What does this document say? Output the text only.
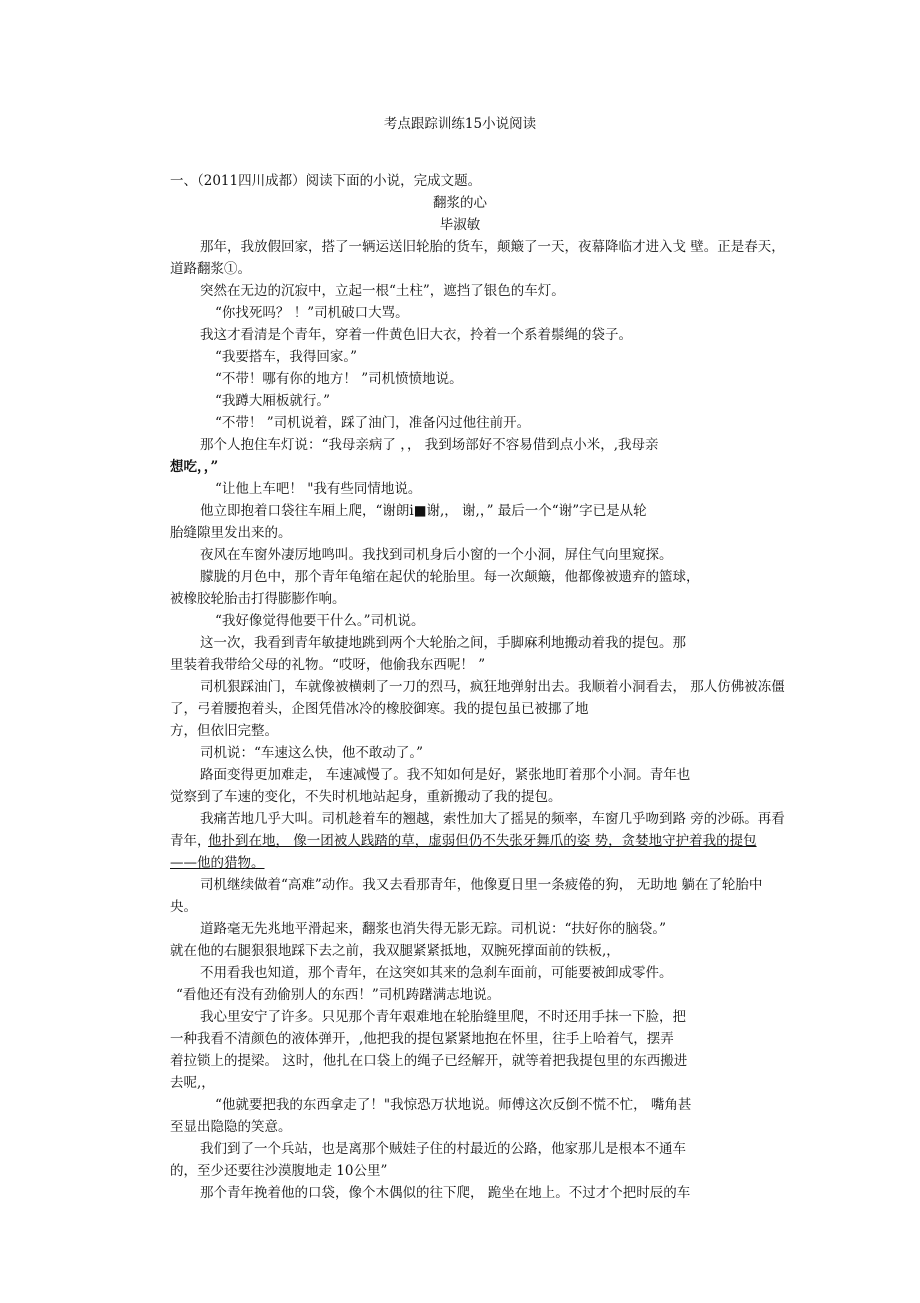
考点跟踪训练15小说阅读
一、（2011四川成都）阅读下面的小说，完成文题。
翻浆的心
毕淑敏
那年，我放假回家，搭了一辆运送旧轮胎的货车，颠簸了一天，夜幕降临才进入戈 壁。正是春天，
道路翻浆①。
突然在无边的沉寂中，立起一根“土柱”，遮挡了银色的车灯。
“你找死吗？ ！”司机破口大骂。
我这才看清是个青年，穿着一件黄色旧大衣，拎着一个系着鬃绳的袋子。
“我要搭车，我得回家。”
“不带！哪有你的地方！ ”司机愤愤地说。
“我蹲大厢板就行。”
“不带！ ”司机说着，踩了油门，准备闪过他往前开。
那个人抱住车灯说：“我母亲病了 ，， 我到场部好不容易借到点小米，,我母亲
想吃，，”
“让他上车吧！ "我有些同情地说。
他立即抱着口袋往车厢上爬，“谢朗i■谢,， 谢,，” 最后一个“谢”字已是从轮
胎缝隙里发出来的。
夜风在车窗外凄厉地鸣叫。我找到司机身后小窗的一个小洞，屏住气向里窥探。
朦胧的月色中，那个青年龟缩在起伏的轮胎里。每一次颠簸，他都像被遗弃的篮球，
被橡胶轮胎击打得膨膨作响。
“我好像觉得他要干什么。”司机说。
这一次，我看到青年敏捷地跳到两个大轮胎之间，手脚麻利地搬动着我的提包。那
里装着我带给父母的礼物。“哎呀，他偷我东西呢！ ”
司机狠踩油门，车就像被横刺了一刀的烈马，疯狂地弹射出去。我顺着小洞看去， 那人仿佛被冻僵
了，弓着腰抱着头，企图凭借冰冷的橡胶御寒。我的提包虽已被挪了地
方，但依旧完整。
司机说：“车速这么快，他不敢动了。”
路面变得更加难走， 车速减慢了。我不知如何是好，紧张地盯着那个小洞。青年也
觉察到了车速的变化，不失时机地站起身，重新搬动了我的提包。
我痛苦地几乎大叫。司机趁着车的翘越，索性加大了摇晃的频率，车窗几乎吻到路 旁的沙砾。再看
青年，
他扑到在地， 像一团被人践踏的草，虚弱但仍不失张牙舞爪的姿 势，贪婪地守护着我的提包
——他的猎物。
司机继续做着“高难”动作。我又去看那青年，他像夏日里一条疲倦的狗， 无助地 躺在了轮胎中
央。
道路毫无先兆地平滑起来，翻浆也消失得无影无踪。司机说：“扶好你的脑袋。”
就在他的右腿狠狠地踩下去之前，我双腿紧紧抵地，双腕死撑面前的铁板,，
不用看我也知道，那个青年，在这突如其来的急刹车面前，可能要被卸成零件。
“看他还有没有劲偷别人的东西！”司机踌躇满志地说。
我心里安宁了许多。只见那个青年艰难地在轮胎缝里爬，不时还用手抹一下脸，把
一种我看不清颜色的液体弹开，,他把我的提包紧紧地抱在怀里，往手上哈着气，摆弄
着拉锁上的提梁。 这时，他扎在口袋上的绳子已经解开，就等着把我提包里的东西搬进
去呢,，
“他就要把我的东西拿走了！"我惊恐万状地说。师傅这次反倒不慌不忙， 嘴角甚
至显出隐隐的笑意。
我们到了一个兵站，也是离那个贼娃子住的村最近的公路，他家那儿是根本不通车
的，至少还要往沙漠腹地走 10公里”
那个青年挽着他的口袋，像个木偶似的往下爬， 跪坐在地上。不过才个把时辰的车
